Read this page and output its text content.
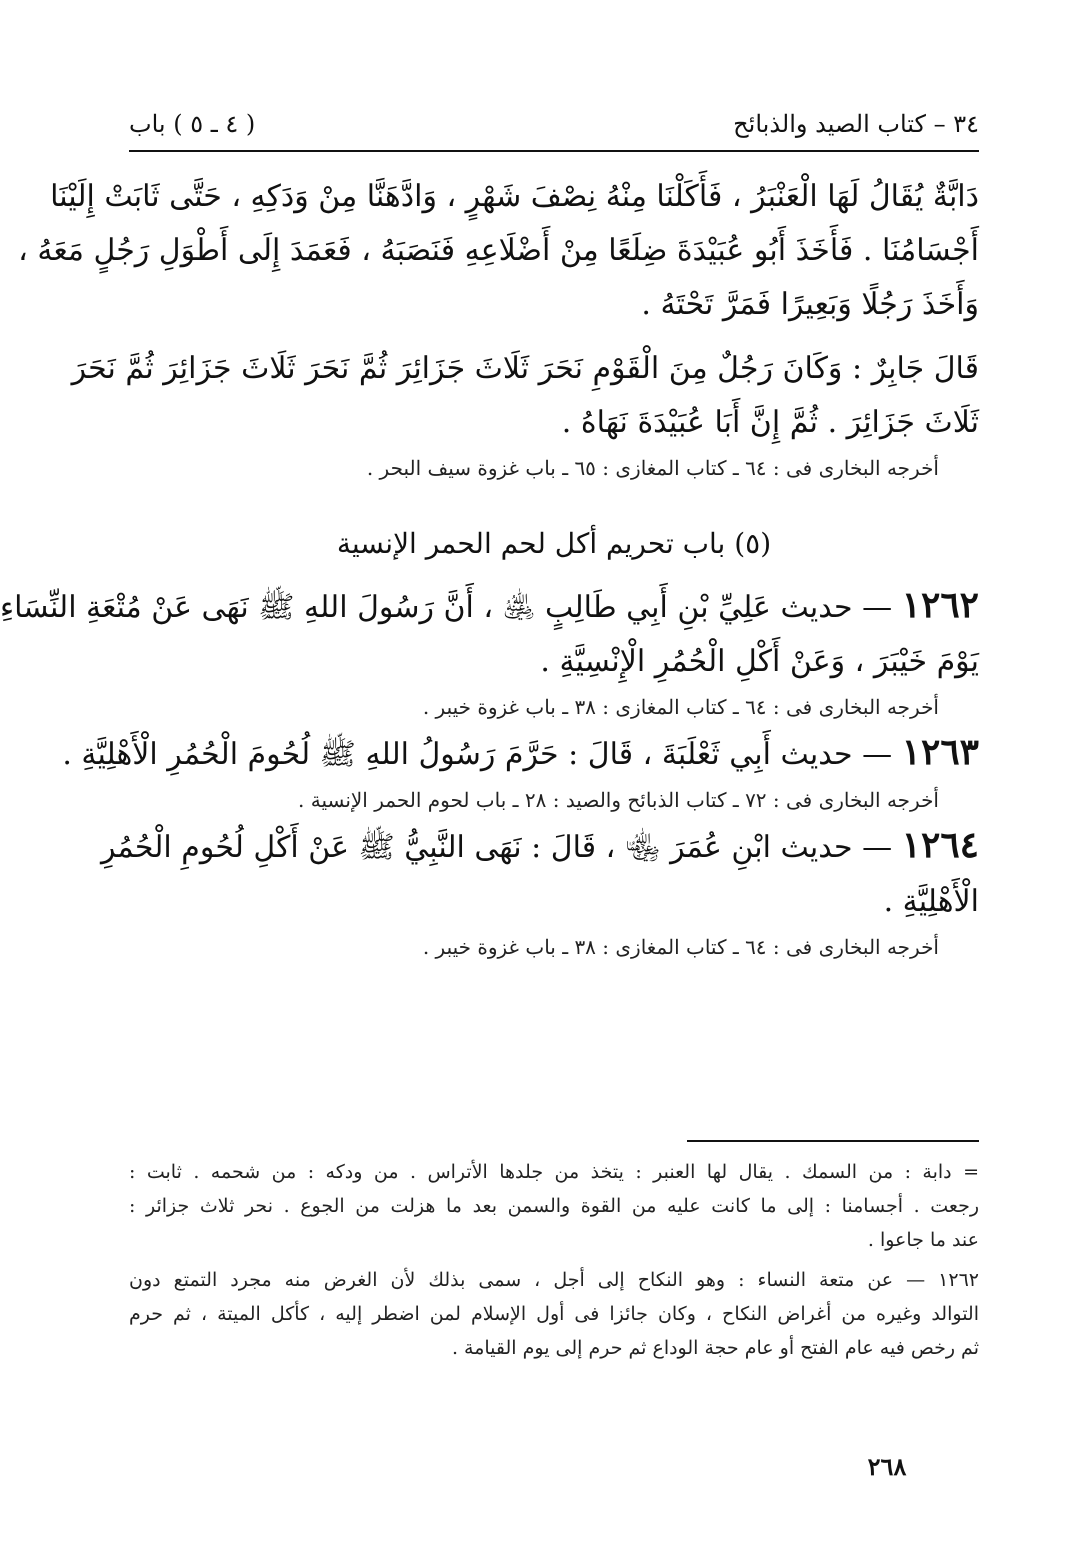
٣٤ – كتاب الصيد والذبائح
( ٤ ـ ٥ ) باب
دَابَّةٌ يُقَالُ لَهَا الْعَنْبَرُ ، فَأَكَلْنَا مِنْهُ نِصْفَ شَهْرٍ ، وَادَّهَنَّا مِنْ وَدَكِهِ ، حَتَّى ثَابَتْ إِلَيْنَا
أَجْسَامُنَا . فَأَخَذَ أَبُو عُبَيْدَةَ ضِلَعًا مِنْ أَضْلَاعِهِ فَنَصَبَهُ ، فَعَمَدَ إِلَى أَطْوَلِ رَجُلٍ مَعَهُ ،
وَأَخَذَ رَجُلًا وَبَعِيرًا فَمَرَّ تَحْتَهُ .
قَالَ جَابِرٌ : وَكَانَ رَجُلٌ مِنَ الْقَوْمِ نَحَرَ ثَلَاثَ جَزَائِرَ ثُمَّ نَحَرَ ثَلَاثَ جَزَائِرَ ثُمَّ نَحَرَ
ثَلَاثَ جَزَائِرَ . ثُمَّ إِنَّ أَبَا عُبَيْدَةَ نَهَاهُ .
أخرجه البخارى فى : ٦٤ ـ كتاب المغازى : ٦٥ ـ باب غزوة سيف البحر .
(٥) باب تحريم أكل لحم الحمر الإنسية
١٢٦٢ — حديث عَلِيِّ بْنِ أَبِي طَالِبٍ ﵁ ، أَنَّ رَسُولَ اللهِ ﷺ نَهَى عَنْ مُتْعَةِ النِّسَاءِ
يَوْمَ خَيْبَرَ ، وَعَنْ أَكْلِ الْحُمُرِ الْإِنْسِيَّةِ .
أخرجه البخارى فى : ٦٤ ـ كتاب المغازى : ٣٨ ـ باب غزوة خيبر .
١٢٦٣ — حديث أَبِي ثَعْلَبَةَ ، قَالَ : حَرَّمَ رَسُولُ اللهِ ﷺ لُحُومَ الْحُمُرِ الْأَهْلِيَّةِ .
أخرجه البخارى فى : ٧٢ ـ كتاب الذبائح والصيد : ٢٨ ـ باب لحوم الحمر الإنسية .
١٢٦٤ — حديث ابْنِ عُمَرَ ﵄ ، قَالَ : نَهَى النَّبِيُّ ﷺ عَنْ أَكْلِ لُحُومِ الْحُمُرِ
الْأَهْلِيَّةِ .
أخرجه البخارى فى : ٦٤ ـ كتاب المغازى : ٣٨ ـ باب غزوة خيبر .
= دابة : من السمك . يقال لها العنبر : يتخذ من جلدها الأتراس . من ودكه : من شحمه . ثابت :
رجعت . أجسامنا : إلى ما كانت عليه من القوة والسمن بعد ما هزلت من الجوع . نحر ثلاث جزائر :
عند ما جاعوا .
١٢٦٢ — عن متعة النساء : وهو النكاح إلى أجل ، سمى بذلك لأن الغرض منه مجرد التمتع دون
التوالد وغيره من أغراض النكاح ، وكان جائزا فى أول الإسلام لمن اضطر إليه ، كأكل الميتة ، ثم حرم
ثم رخص فيه عام الفتح أو عام حجة الوداع ثم حرم إلى يوم القيامة .
٢٦٨
